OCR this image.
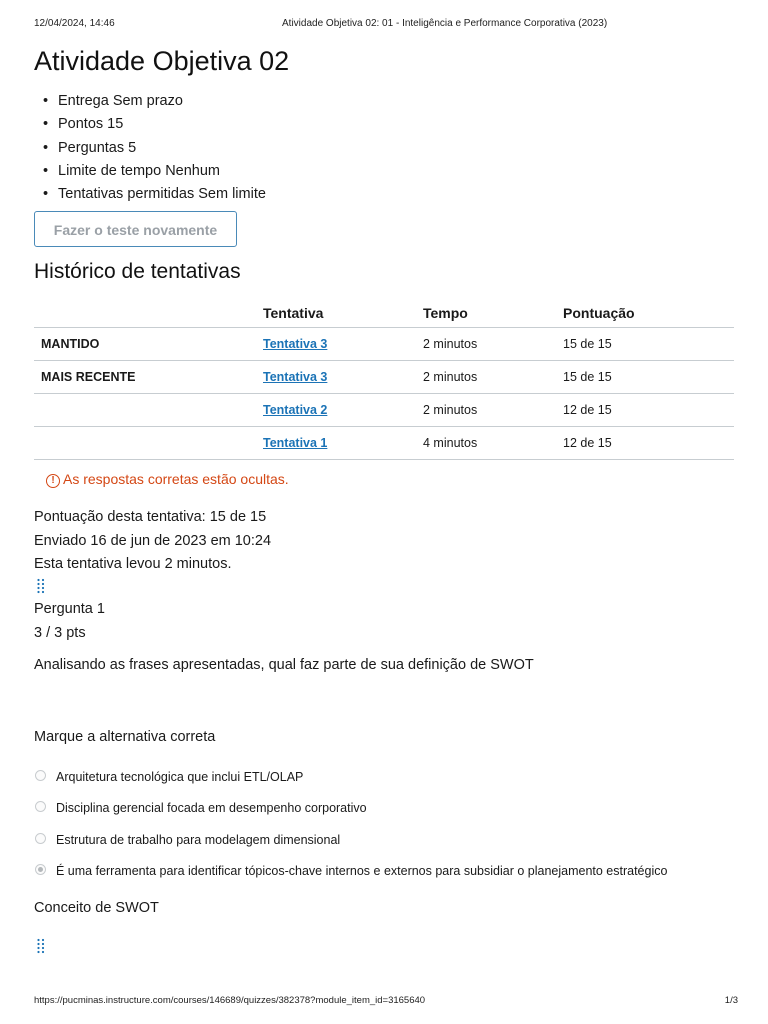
12/04/2024, 14:46	Atividade Objetiva 02: 01 - Inteligência e Performance Corporativa (2023)
Atividade Objetiva 02
• Entrega Sem prazo
• Pontos 15
• Perguntas 5
• Limite de tempo Nenhum
• Tentativas permitidas Sem limite
Fazer o teste novamente
Histórico de tentativas
	Tentativa	Tempo	Pontuação
MANTIDO	Tentativa 3	2 minutos	15 de 15
MAIS RECENTE	Tentativa 3	2 minutos	15 de 15
	Tentativa 2	2 minutos	12 de 15
	Tentativa 1	4 minutos	12 de 15
! As respostas corretas estão ocultas.
Pontuação desta tentativa: 15 de 15
Enviado 16 de jun de 2023 em 10:24
Esta tentativa levou 2 minutos.
Pergunta 1
3 / 3 pts
Analisando as frases apresentadas, qual faz parte de sua definição de SWOT
Marque a alternativa correta
Arquitetura tecnológica que inclui ETL/OLAP
Disciplina gerencial focada em desempenho corporativo
Estrutura de trabalho para modelagem dimensional
É uma ferramenta para identificar tópicos-chave internos e externos para subsidiar o planejamento estratégico
Conceito de SWOT
https://pucminas.instructure.com/courses/146689/quizzes/382378?module_item_id=3165640	1/3
